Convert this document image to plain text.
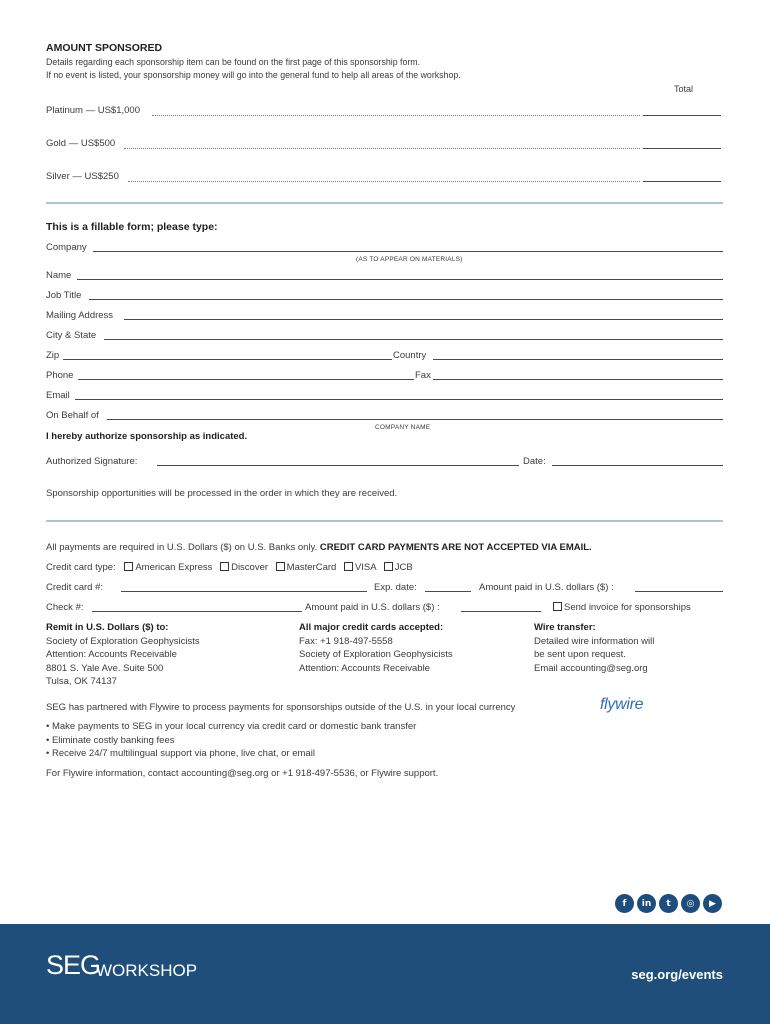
AMOUNT SPONSORED
Details regarding each sponsorship item can be found on the first page of this sponsorship form.
If no event is listed, your sponsorship money will go into the general fund to help all areas of the workshop.
Total
Platinum — US$1,000
Gold — US$500
Silver — US$250
This is a fillable form; please type:
Company
(AS TO APPEAR ON MATERIALS)
Name
Job Title
Mailing Address
City & State
Zip	Country
Phone	Fax
Email
On Behalf of
COMPANY NAME
I hereby authorize sponsorship as indicated.
Authorized Signature:	Date:
Sponsorship opportunities will be processed in the order in which they are received.
All payments are required in U.S. Dollars ($) on U.S. Banks only. CREDIT CARD PAYMENTS ARE NOT ACCEPTED VIA EMAIL.
Credit card type: American Express Discover MasterCard VISA JCB
Credit card #:	Exp. date:	Amount paid in U.S. dollars ($) :
Check #:	Amount paid in U.S. dollars ($) :	Send invoice for sponsorships
Remit in U.S. Dollars ($) to:
Society of Exploration Geophysicists
Attention: Accounts Receivable
8801 S. Yale Ave. Suite 500
Tulsa, OK 74137
All major credit cards accepted:
Fax: +1 918-497-5558
Society of Exploration Geophysicists
Attention: Accounts Receivable
Wire transfer:
Detailed wire information will
be sent upon request.
Email accounting@seg.org
SEG has partnered with Flywire to process payments for sponsorships outside of the U.S. in your local currency	flywire
• Make payments to SEG in your local currency via credit card or domestic bank transfer
• Eliminate costly banking fees
• Receive 24/7 multilingual support via phone, live chat, or email
For Flywire information, contact accounting@seg.org or +1 918-497-5536, or Flywire support.
f	in	t	◎	▶
SEG
WORKSHOP	seg.org/events
